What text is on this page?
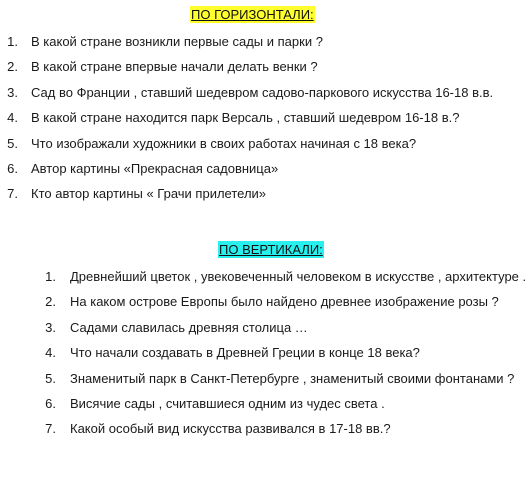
ПО ГОРИЗОНТАЛИ:
1. В какой стране возникли первые сады и парки ?
2. В какой стране впервые начали делать венки ?
3. Сад во Франции , ставший шедевром садово-паркового искусства 16-18 в.в.
4. В какой стране находится парк Версаль , ставший шедевром 16-18 в.?
5. Что изображали художники в своих работах начиная с 18 века?
6. Автор картины «Прекрасная садовница»
7. Кто автор картины « Грачи прилетели»
ПО ВЕРТИКАЛИ:
1. Древнейший цветок , увековеченный человеком в искусстве , архитектуре .
2. На каком острове Европы было найдено древнее изображение розы ?
3. Садами славилась древняя столица …
4. Что начали создавать в Древней Греции в конце 18 века?
5. Знаменитый парк в Санкт-Петербурге , знаменитый своими фонтанами ?
6. Висячие сады , считавшиеся одним из чудес света .
7. Какой особый вид искусства развивался в 17-18 вв.?
